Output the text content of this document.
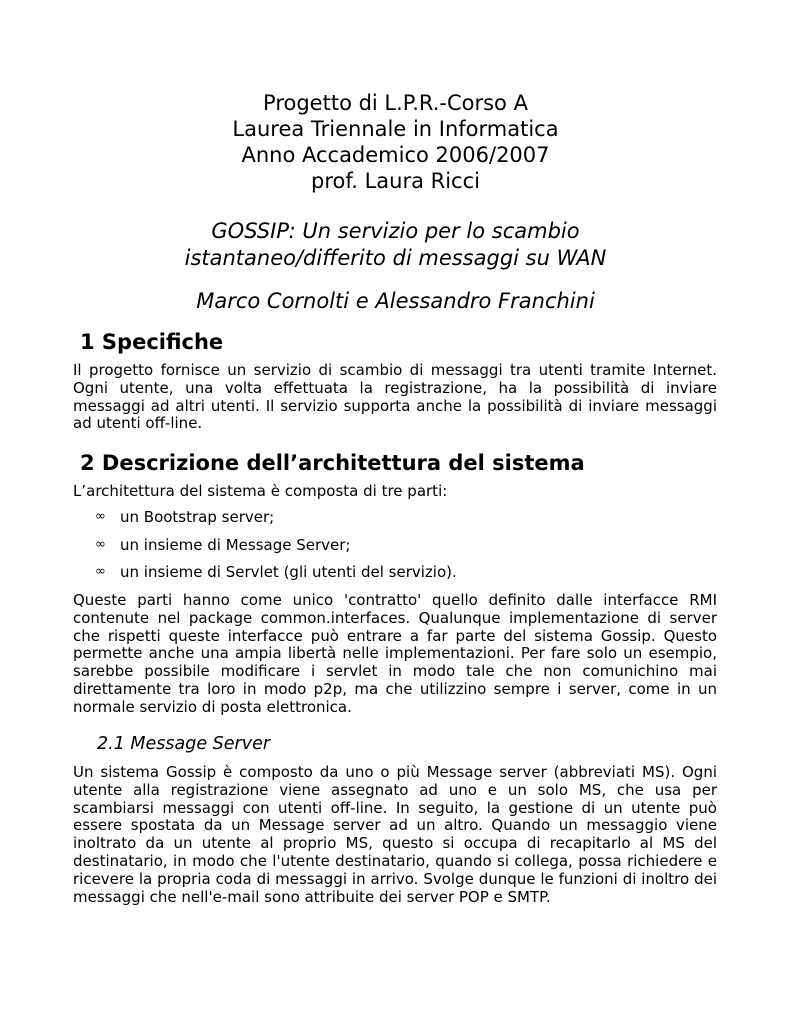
Progetto di L.P.R.-Corso A
Laurea Triennale in Informatica
Anno Accademico 2006/2007
prof. Laura Ricci
GOSSIP: Un servizio per lo scambio
istantaneo/differito di messaggi su WAN
Marco Cornolti e Alessandro Franchini
1 Specifiche

Il progetto fornisce un servizio di scambio di messaggi tra utenti tramite Internet. Ogni utente, una volta effettuata la registrazione, ha la possibilità di inviare messaggi ad altri utenti. Il servizio supporta anche la possibilità di inviare messaggi ad utenti off-line.

2 Descrizione dell’architettura del sistema

L’architettura del sistema è composta di tre parti:

∞ un Bootstrap server;
∞ un insieme di Message Server;
∞ un insieme di Servlet (gli utenti del servizio).

Queste parti hanno come unico 'contratto' quello definito dalle interfacce RMI contenute nel package common.interfaces. Qualunque implementazione di server che rispetti queste interfacce può entrare a far parte del sistema Gossip. Questo permette anche una ampia libertà nelle implementazioni. Per fare solo un esempio, sarebbe possibile modificare i servlet in modo tale che non comunichino mai direttamente tra loro in modo p2p, ma che utilizzino sempre i server, come in un normale servizio di posta elettronica.

2.1 Message Server

Un sistema Gossip è composto da uno o più Message server (abbreviati MS). Ogni utente alla registrazione viene assegnato ad uno e un solo MS, che usa per scambiarsi messaggi con utenti off-line. In seguito, la gestione di un utente può essere spostata da un Message server ad un altro. Quando un messaggio viene inoltrato da un utente al proprio MS, questo si occupa di recapitarlo al MS del destinatario, in modo che l'utente destinatario, quando si collega, possa richiedere e ricevere la propria coda di messaggi in arrivo. Svolge dunque le funzioni di inoltro dei messaggi che nell'e-mail sono attribuite dei server POP e SMTP.
